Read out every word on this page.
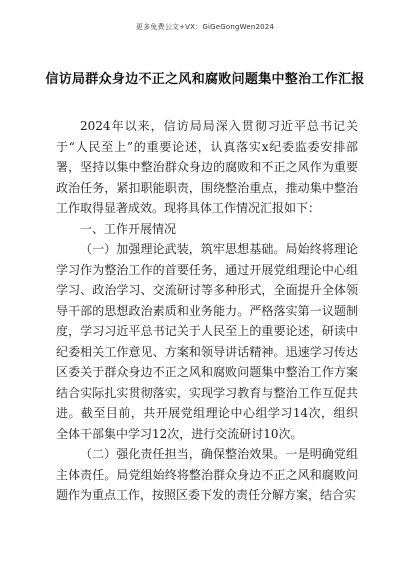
更多免费公文+VX：GiGeGongWen2024
信访局群众身边不正之风和腐败问题集中整治工作汇报

2024年以来，信访局局深入贯彻习近平总书记关于“人民至上”的重要论述，认真落实x纪委监委安排部署，坚持以集中整治群众身边的腐败和不正之风作为重要政治任务，紧扣职能职责，围绕整治重点，推动集中整治工作取得显著成效。现将具体工作情况汇报如下：

一、工作开展情况

（一）加强理论武装，筑牢思想基础。局始终将理论学习作为整治工作的首要任务，通过开展党组理论中心组学习、政治学习、交流研讨等多种形式，全面提升全体领导干部的思想政治素质和业务能力。严格落实第一议题制度，学习习近平总书记关于人民至上的重要论述，研读中纪委相关工作意见、方案和领导讲话精神。迅速学习传达区委关于群众身边不正之风和腐败问题集中整治工作方案结合实际扎实贯彻落实，实现学习教育与整治工作互促共进。截至目前，共开展党组理论中心组学习14次，组织全体干部集中学习12次，进行交流研讨10次。

（二）强化责任担当，确保整治效果。一是明确党组主体责任。局党组始终将整治群众身边不正之风和腐败问题作为重点工作，按照区委下发的责任分解方案，结合实
